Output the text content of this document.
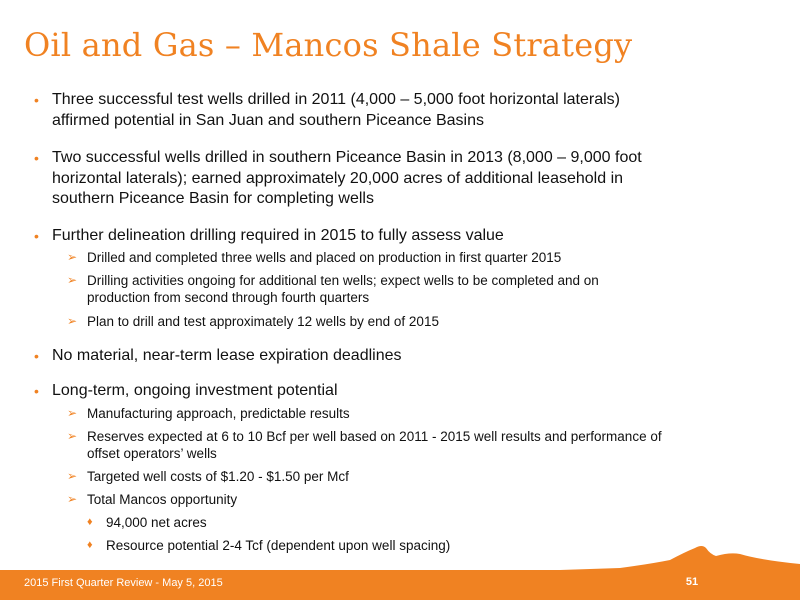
Oil and Gas – Mancos Shale Strategy
• Three successful test wells drilled in 2011 (4,000 – 5,000 foot horizontal laterals)
affirmed potential in San Juan and southern Piceance Basins
• Two successful wells drilled in southern Piceance Basin in 2013 (8,000 – 9,000 foot
horizontal laterals); earned approximately 20,000 acres of additional leasehold in
southern Piceance Basin for completing wells
• Further delineation drilling required in 2015 to fully assess value
➢ Drilled and completed three wells and placed on production in first quarter 2015
➢ Drilling activities ongoing for additional ten wells; expect wells to be completed and on
production from second through fourth quarters
➢ Plan to drill and test approximately 12 wells by end of 2015
• No material, near-term lease expiration deadlines
• Long-term, ongoing investment potential
➢ Manufacturing approach, predictable results
➢ Reserves expected at 6 to 10 Bcf per well based on 2011 - 2015 well results and performance of
offset operators’ wells
➢ Targeted well costs of $1.20 - $1.50 per Mcf
➢ Total Mancos opportunity
♦ 94,000 net acres
♦ Resource potential 2-4 Tcf (dependent upon well spacing)
2015 First Quarter Review - May 5, 2015	51
